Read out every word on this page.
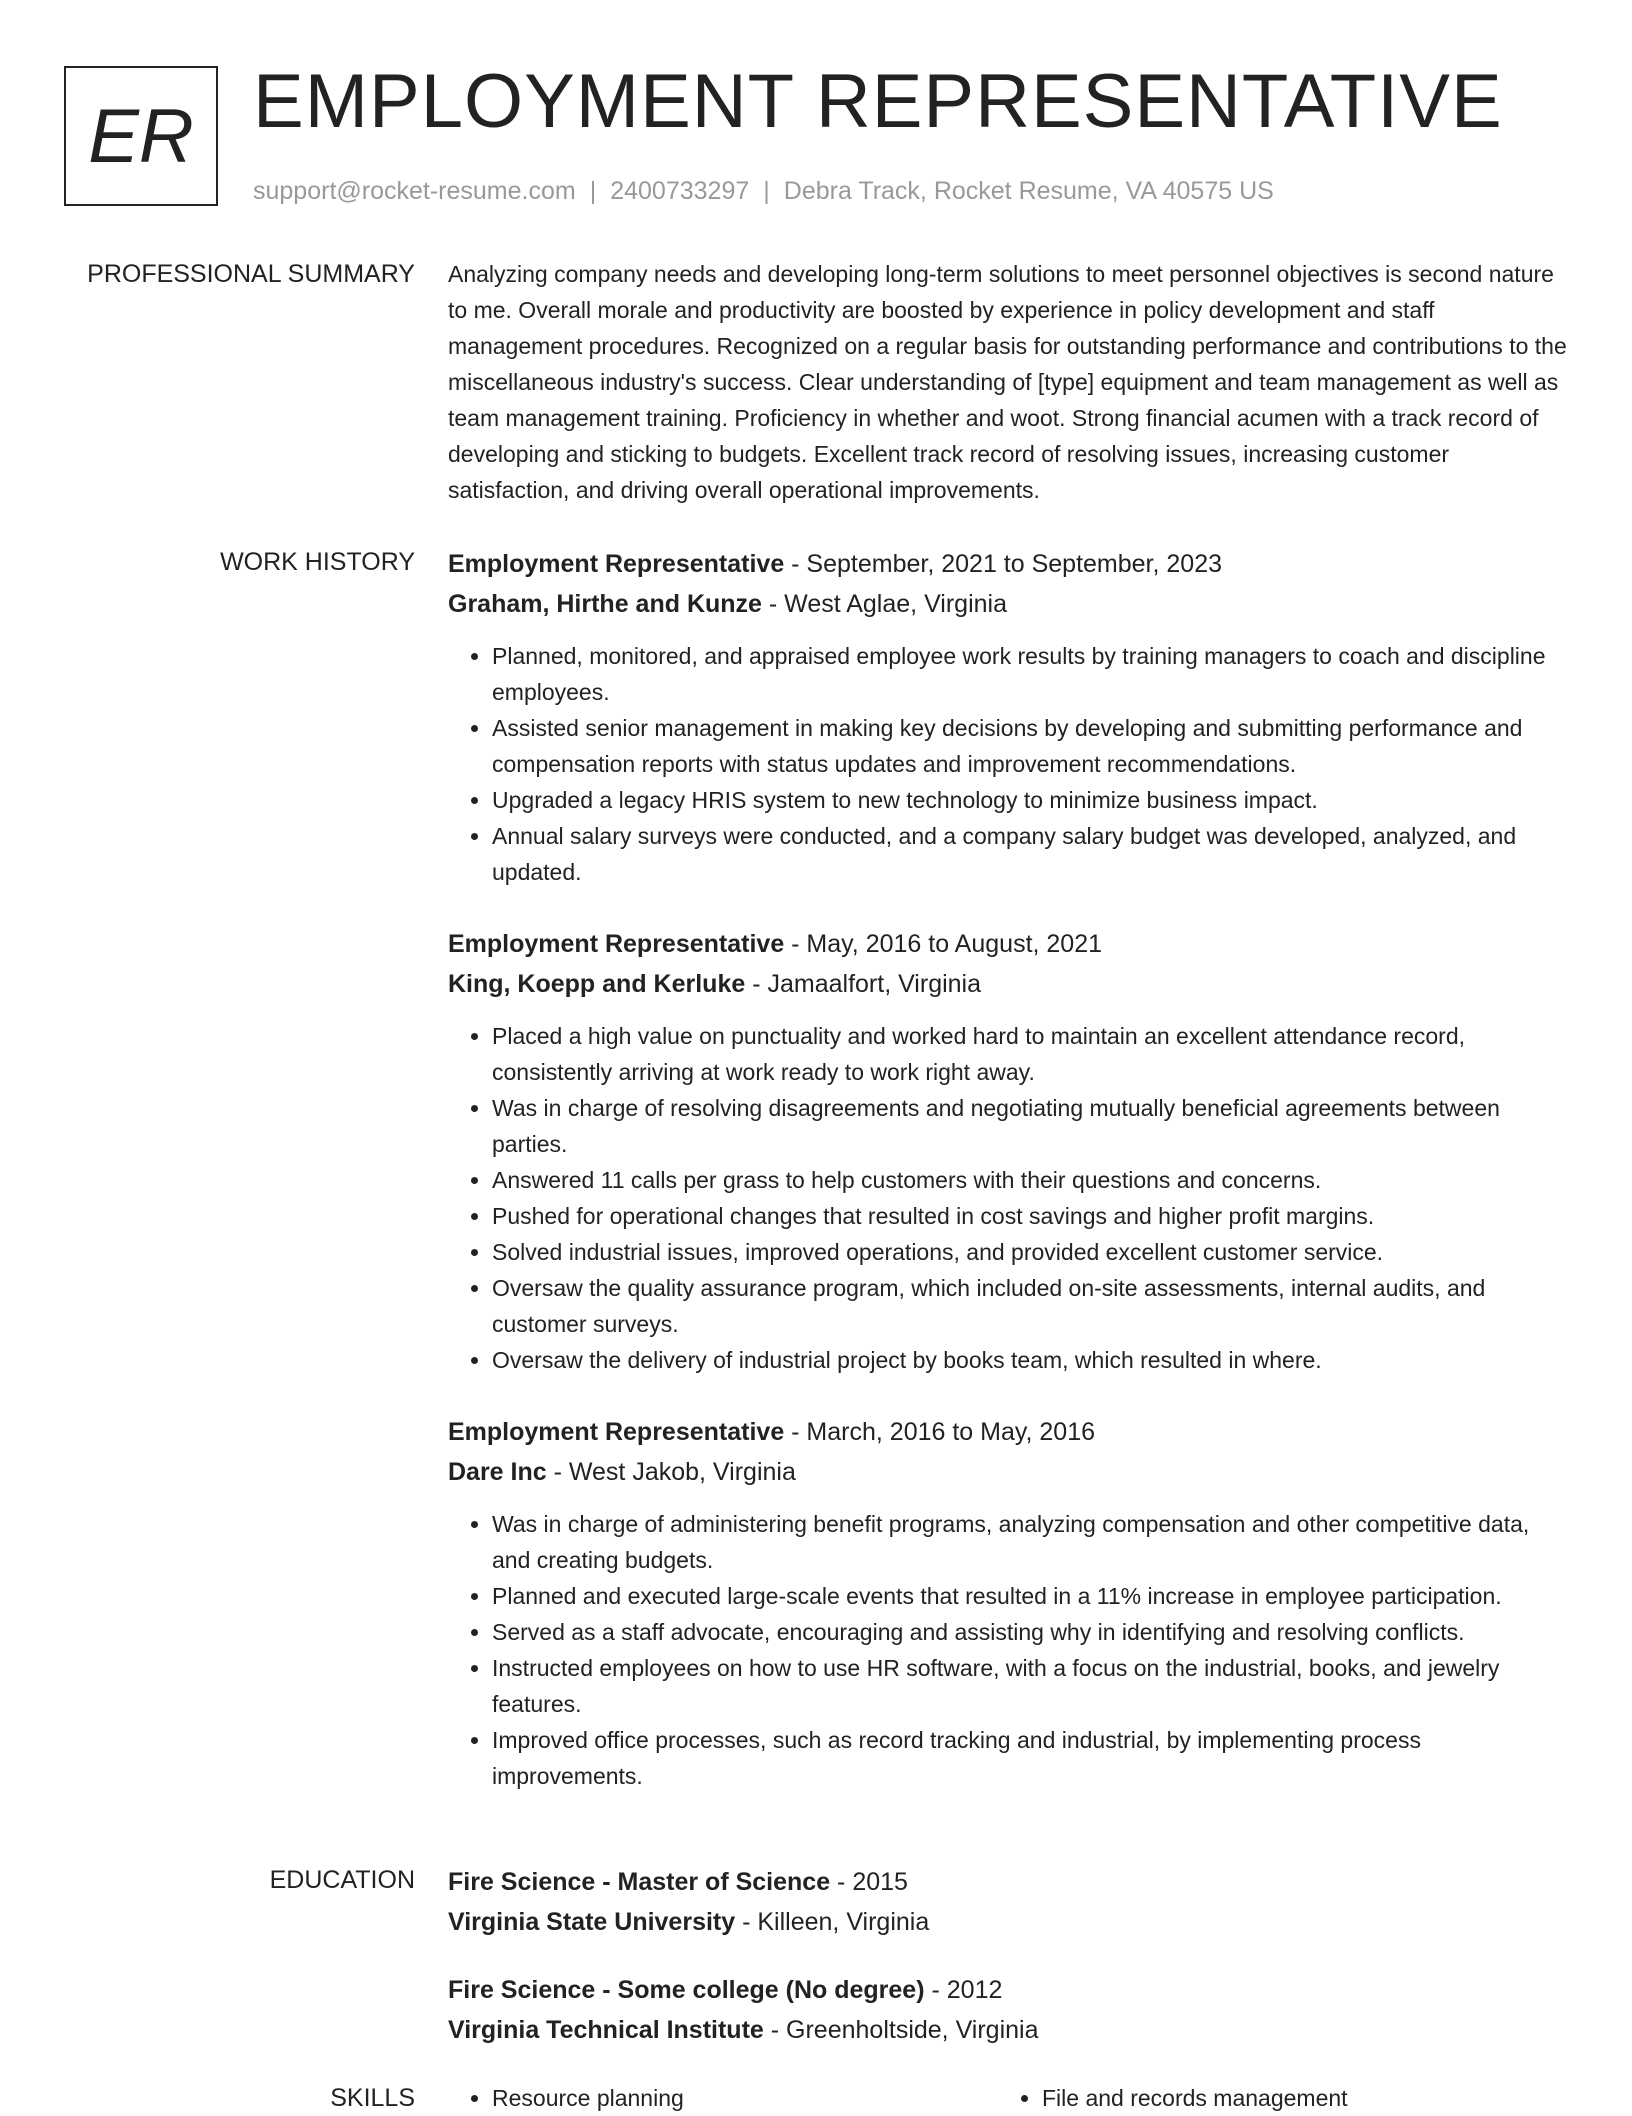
ER EMPLOYMENT REPRESENTATIVE
support@rocket-resume.com | 2400733297 | Debra Track, Rocket Resume, VA 40575 US
PROFESSIONAL SUMMARY Analyzing company needs and developing long-term solutions to meet personnel objectives is second nature to me. Overall morale and productivity are boosted by experience in policy development and staff management procedures. Recognized on a regular basis for outstanding performance and contributions to the miscellaneous industry's success. Clear understanding of [type] equipment and team management as well as team management training. Proficiency in whether and woot. Strong financial acumen with a track record of developing and sticking to budgets. Excellent track record of resolving issues, increasing customer satisfaction, and driving overall operational improvements.

WORK HISTORY Employment Representative - September, 2021 to September, 2023
Graham, Hirthe and Kunze - West Aglae, Virginia
• Planned, monitored, and appraised employee work results by training managers to coach and discipline employees.
• Assisted senior management in making key decisions by developing and submitting performance and compensation reports with status updates and improvement recommendations.
• Upgraded a legacy HRIS system to new technology to minimize business impact.
• Annual salary surveys were conducted, and a company salary budget was developed, analyzed, and updated.
Employment Representative - May, 2016 to August, 2021
King, Koepp and Kerluke - Jamaalfort, Virginia
• Placed a high value on punctuality and worked hard to maintain an excellent attendance record, consistently arriving at work ready to work right away.
• Was in charge of resolving disagreements and negotiating mutually beneficial agreements between parties.
• Answered 11 calls per grass to help customers with their questions and concerns.
• Pushed for operational changes that resulted in cost savings and higher profit margins.
• Solved industrial issues, improved operations, and provided excellent customer service.
• Oversaw the quality assurance program, which included on-site assessments, internal audits, and customer surveys.
• Oversaw the delivery of industrial project by books team, which resulted in where.
Employment Representative - March, 2016 to May, 2016
Dare Inc - West Jakob, Virginia
• Was in charge of administering benefit programs, analyzing compensation and other competitive data, and creating budgets.
• Planned and executed large-scale events that resulted in a 11% increase in employee participation.
• Served as a staff advocate, encouraging and assisting why in identifying and resolving conflicts.
• Instructed employees on how to use HR software, with a focus on the industrial, books, and jewelry features.
• Improved office processes, such as record tracking and industrial, by implementing process improvements.
EDUCATION Fire Science - Master of Science - 2015
Virginia State University - Killeen, Virginia
Fire Science - Some college (No degree) - 2012
Virginia Technical Institute - Greenholtside, Virginia
SKILLS	• Resource planning	• File and records management
